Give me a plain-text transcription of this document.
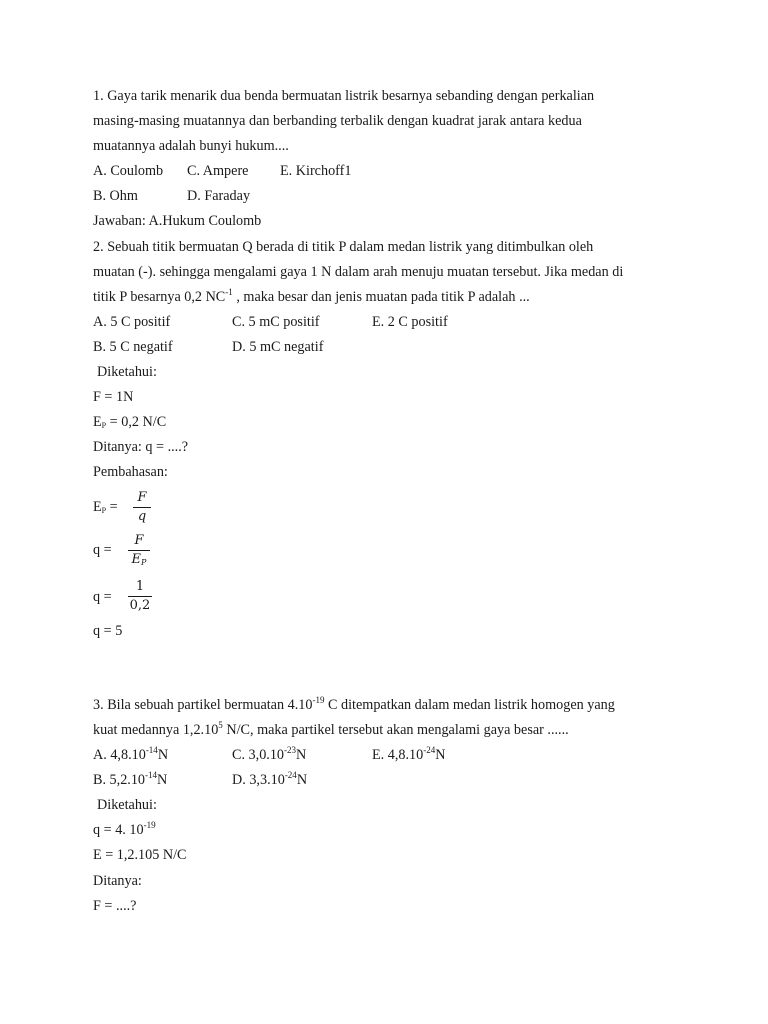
1. Gaya tarik menarik dua benda bermuatan listrik besarnya sebanding dengan perkalian
masing-masing muatannya dan berbanding terbalik dengan kuadrat jarak antara kedua
muatannya adalah bunyi hukum....
A. Coulomb C. Ampere E. Kirchoff1
B. Ohm	D. Faraday
Jawaban: A.Hukum Coulomb
2. Sebuah titik bermuatan Q berada di titik P dalam medan listrik yang ditimbulkan oleh
muatan (-). sehingga mengalami gaya 1 N dalam arah menuju muatan tersebut. Jika medan di
titik P besarnya 0,2 $NC^{-1}$ , maka besar dan jenis muatan pada titik P adalah ...
A. 5 C positif	C. 5 mC positif	E. 2 C positif
B. 5 C negatif	D. 5 mC negatif
Diketahui:
F = 1N
EP = 0,2 N/C
Ditanya: q = ....?
Pembahasan:
EP =
F
q
q =
F
EP
q =
1
0,2
q = 5
3. Bila sebuah partikel bermuatan $4.10^{-19}$ C ditempatkan dalam medan listrik homogen yang
kuat medannya 1,2.10$^5$ N/C, maka partikel tersebut akan mengalami gaya besar ......
A. $4,8.10^{-14}N$	C. $3,0.10^{-23}N$	E. $4,8.10^{-24}N$
B. $5,2.10^{-14}N$	D. $3,3.10^{-24}N$
Diketahui:
q = 4. $10^{-19}$
E = 1,2.105 N/C
Ditanya:
F = ....?
